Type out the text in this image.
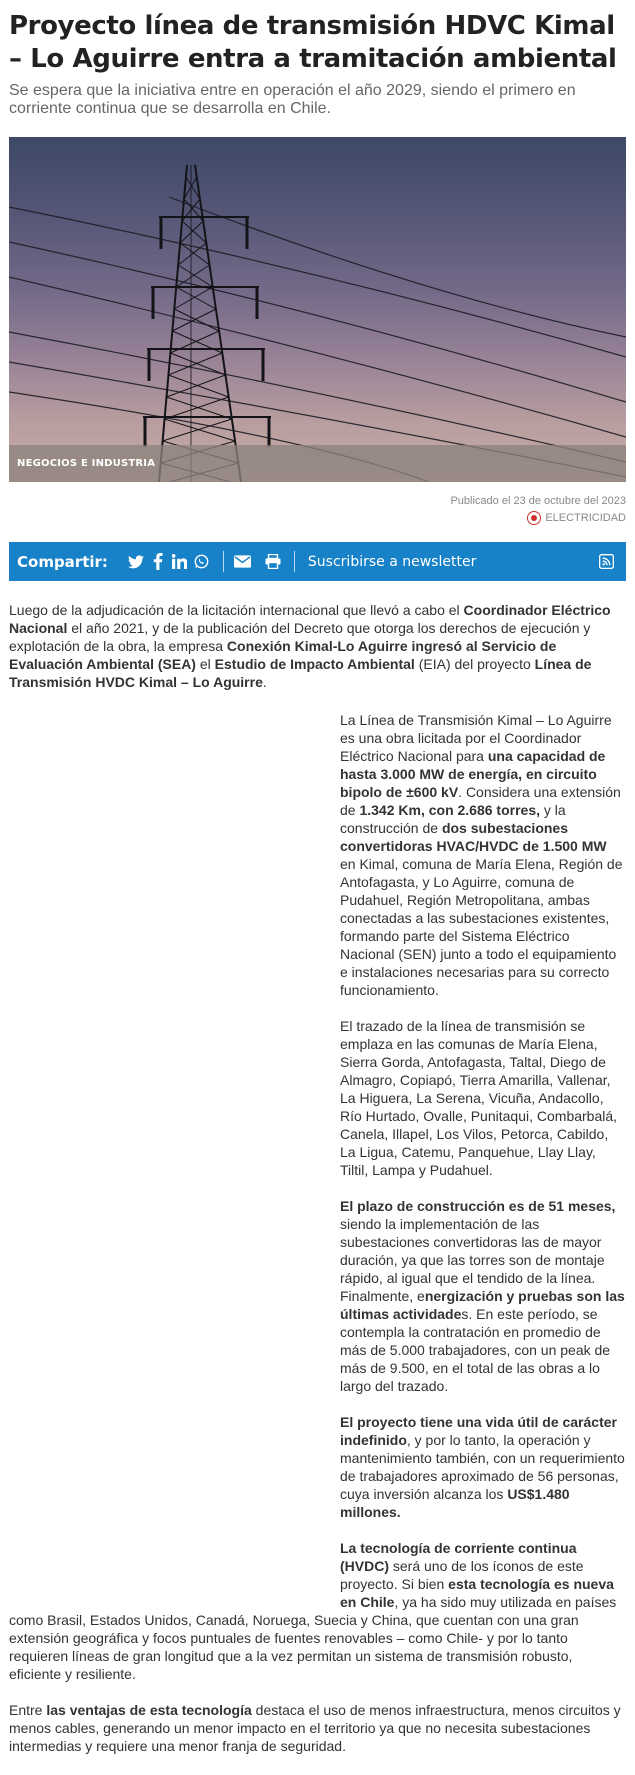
Proyecto línea de transmisión HDVC Kimal – Lo Aguirre entra a tramitación ambiental

Se espera que la iniciativa entre en operación el año 2029, siendo el primero en corriente continua que se desarrolla en Chile.

NEGOCIOS E INDUSTRIA
Publicado el 23 de octubre del 2023
ELECTRICIDAD
Compartir:	Suscribirse a newsletter

Luego de la adjudicación de la licitación internacional que llevó a cabo el Coordinador Eléctrico Nacional el año 2021, y de la publicación del Decreto que otorga los derechos de ejecución y explotación de la obra, la empresa Conexión Kimal-Lo Aguirre ingresó al Servicio de Evaluación Ambiental (SEA) el Estudio de Impacto Ambiental (EIA) del proyecto Línea de Transmisión HVDC Kimal – Lo Aguirre.

La Línea de Transmisión Kimal – Lo Aguirre es una obra licitada por el Coordinador Eléctrico Nacional para una capacidad de hasta 3.000 MW de energía, en circuito bipolo de ±600 kV. Considera una extensión de 1.342 Km, con 2.686 torres, y la construcción de dos subestaciones convertidoras HVAC/HVDC de 1.500 MW en Kimal, comuna de María Elena, Región de Antofagasta, y Lo Aguirre, comuna de Pudahuel, Región Metropolitana, ambas conectadas a las subestaciones existentes, formando parte del Sistema Eléctrico Nacional (SEN) junto a todo el equipamiento e instalaciones necesarias para su correcto funcionamiento.

El trazado de la línea de transmisión se emplaza en las comunas de María Elena, Sierra Gorda, Antofagasta, Taltal, Diego de Almagro, Copiapó, Tierra Amarilla, Vallenar, La Higuera, La Serena, Vicuña, Andacollo, Río Hurtado, Ovalle, Punitaqui, Combarbalá, Canela, Illapel, Los Vilos, Petorca, Cabildo, La Ligua, Catemu, Panquehue, Llay Llay, Tiltil, Lampa y Pudahuel.

El plazo de construcción es de 51 meses, siendo la implementación de las subestaciones convertidoras las de mayor duración, ya que las torres son de montaje rápido, al igual que el tendido de la línea. Finalmente, energización y pruebas son las últimas actividades. En este período, se contempla la contratación en promedio de más de 5.000 trabajadores, con un peak de más de 9.500, en el total de las obras a lo largo del trazado.

El proyecto tiene una vida útil de carácter indefinido, y por lo tanto, la operación y mantenimiento también, con un requerimiento de trabajadores aproximado de 56 personas, cuya inversión alcanza los US$1.480 millones.

La tecnología de corriente continua (HVDC) será uno de los íconos de este proyecto. Si bien esta tecnología es nueva en Chile, ya ha sido muy utilizada en países como Brasil, Estados Unidos, Canadá, Noruega, Suecia y China, que cuentan con una gran extensión geográfica y focos puntuales de fuentes renovables – como Chile- y por lo tanto requieren líneas de gran longitud que a la vez permitan un sistema de transmisión robusto, eficiente y resiliente.

Entre las ventajas de esta tecnología destaca el uso de menos infraestructura, menos circuitos y menos cables, generando un menor impacto en el territorio ya que no necesita subestaciones intermedias y requiere una menor franja de seguridad.
